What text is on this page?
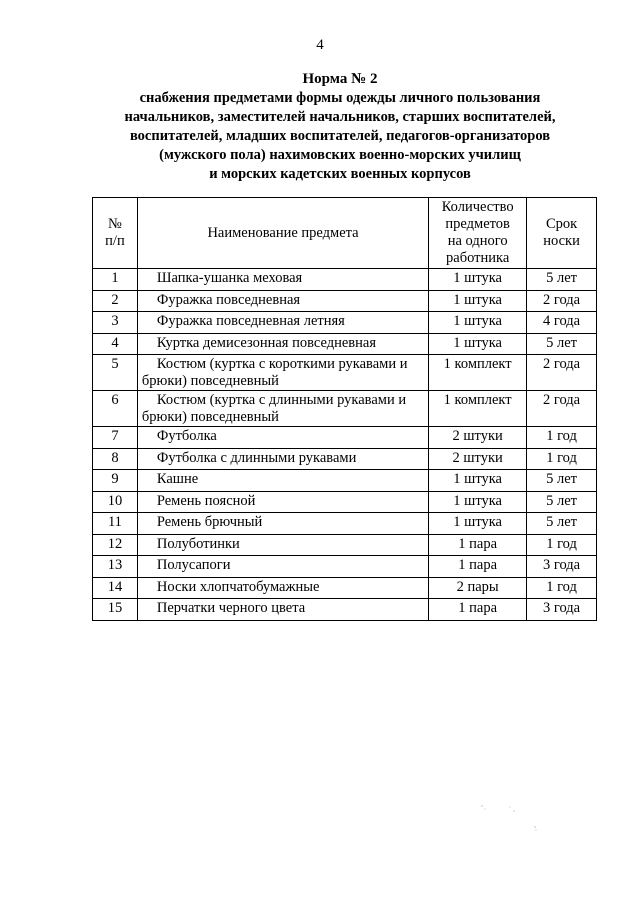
4
Норма № 2
снабжения предметами формы одежды личного пользования
начальников, заместителей начальников, старших воспитателей,
воспитателей, младших воспитателей, педагогов-организаторов
(мужского пола) нахимовских военно-морских училищ
и морских кадетских военных корпусов
№
п/п	Наименование предмета	Количество
предметов
на одного
работника	Срок
носки
1	Шапка-ушанка меховая	1 штука	5 лет
2	Фуражка повседневная	1 штука	2 года
3	Фуражка повседневная летняя	1 штука	4 года
4	Куртка демисезонная повседневная	1 штука	5 лет
5	Костюм (куртка с короткими рукавами и брюки) повседневный	1 комплект	2 года
6	Костюм (куртка с длинными рукавами и брюки) повседневный	1 комплект	2 года
7	Футболка	2 штуки	1 год
8	Футболка с длинными рукавами	2 штуки	1 год
9	Кашне	1 штука	5 лет
10	Ремень поясной	1 штука	5 лет
11	Ремень брючный	1 штука	5 лет
12	Полуботинки	1 пара	1 год
13	Полусапоги	1 пара	3 года
14	Носки хлопчатобумажные	2 пары	1 год
15	Перчатки черного цвета	1 пара	3 года
